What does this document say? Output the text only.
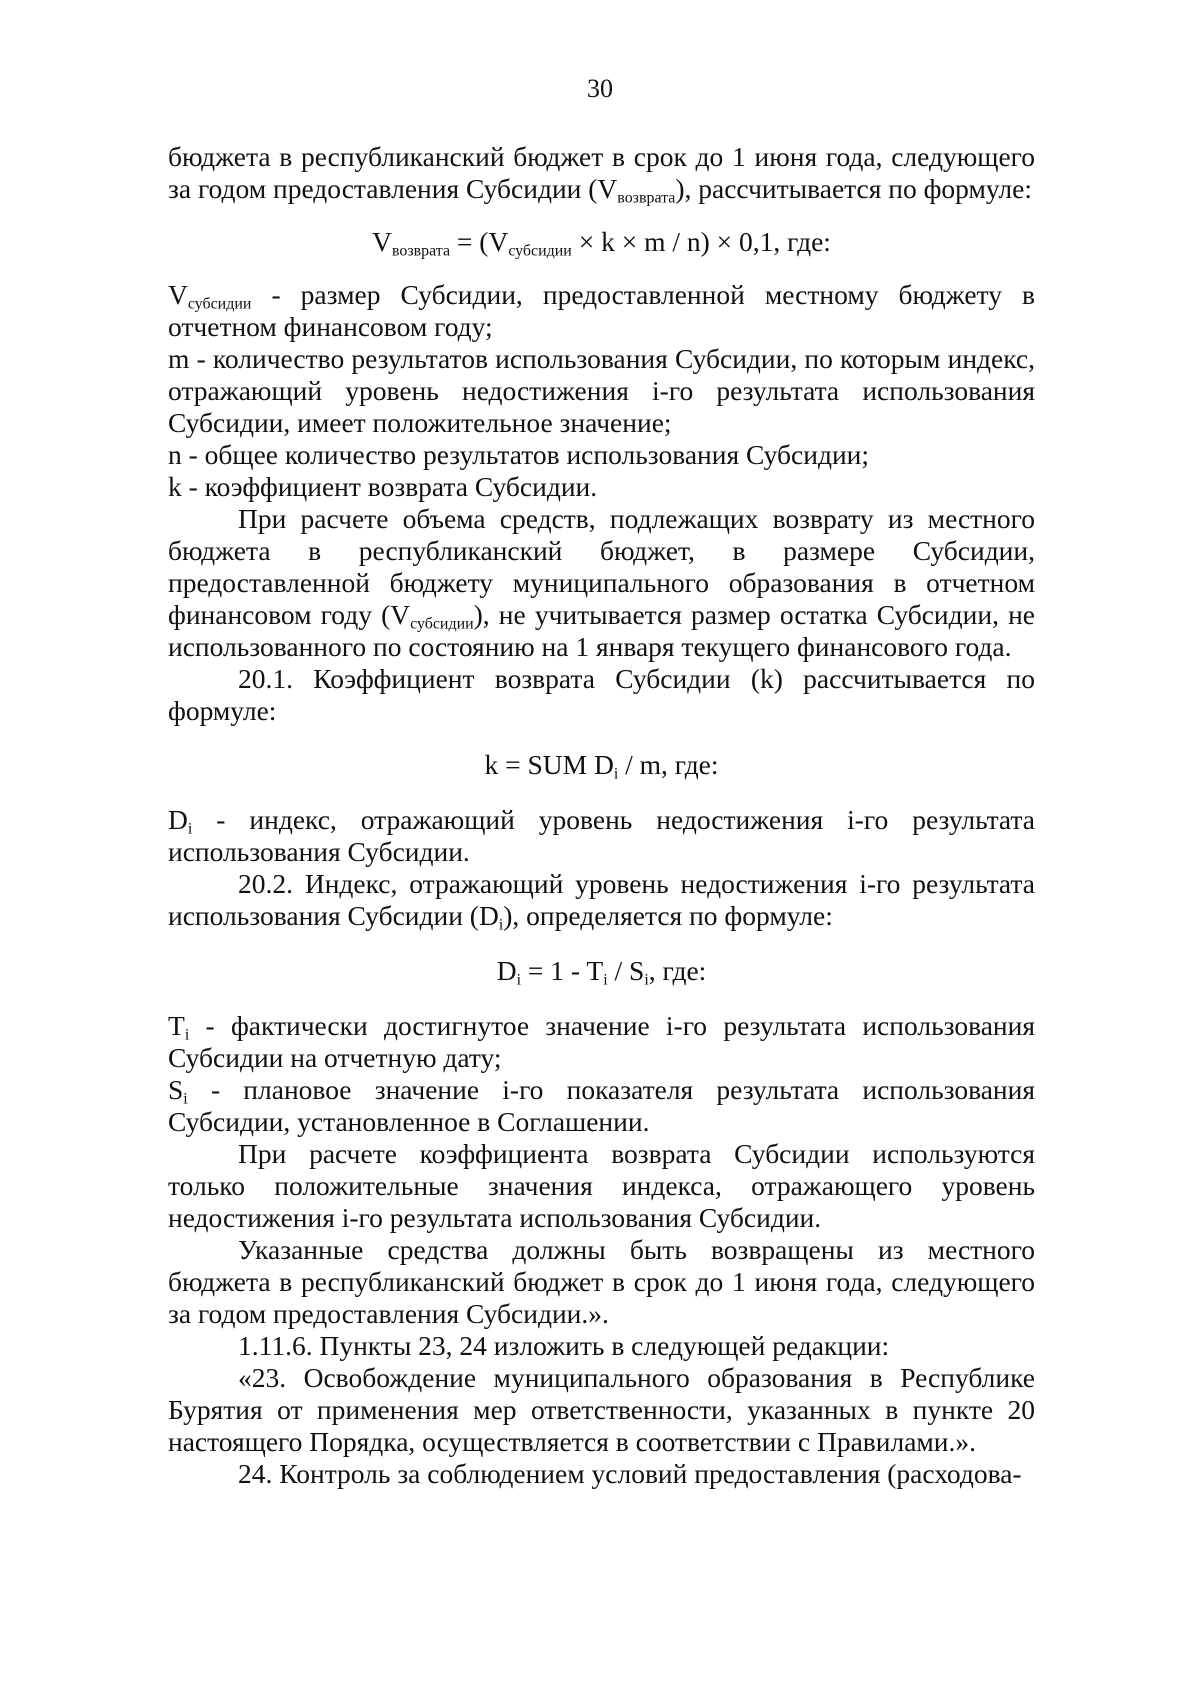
30

бюджета в республиканский бюджет в срок до 1 июня года, следующего за годом предоставления Субсидии $(V_{возврата})$, рассчитывается по формуле:

$V_{возврата} = (V_{субсидии} \times k \times m / n) \times 0,1$, где:

$V_{субсидии}$ - размер Субсидии, предоставленной местному бюджету в отчетном финансовом году;

m - количество результатов использования Субсидии, по которым индекс, отражающий уровень недостижения i-го результата использования Субсидии, имеет положительное значение;

n - общее количество результатов использования Субсидии;

k - коэффициент возврата Субсидии.

При расчете объема средств, подлежащих возврату из местного бюджета в республиканский бюджет, в размере Субсидии, предоставленной бюджету муниципального образования в отчетном финансовом году $(V_{субсидии})$, не учитывается размер остатка Субсидии, не использованного по состоянию на 1 января текущего финансового года.

20.1. Коэффициент возврата Субсидии (k) рассчитывается по формуле:

k = SUM $D_i$ / m, где:

$D_i$ - индекс, отражающий уровень недостижения i-го результата использования Субсидии.

20.2. Индекс, отражающий уровень недостижения i-го результата использования Субсидии $(D_i)$, определяется по формуле:

$D_i = 1 - T_i / S_i$, где:

$T_i$ - фактически достигнутое значение i-го результата использования Субсидии на отчетную дату;

$S_i$ - плановое значение i-го показателя результата использования Субсидии, установленное в Соглашении.

При расчете коэффициента возврата Субсидии используются только положительные значения индекса, отражающего уровень недостижения i-го результата использования Субсидии.

Указанные средства должны быть возвращены из местного бюджета в республиканский бюджет в срок до 1 июня года, следующего за годом предоставления Субсидии.».

1.11.6. Пункты 23, 24 изложить в следующей редакции:

«23. Освобождение муниципального образования в Республике Бурятия от применения мер ответственности, указанных в пункте 20 настоящего Порядка, осуществляется в соответствии с Правилами.».

24. Контроль за соблюдением условий предоставления (расходова-
